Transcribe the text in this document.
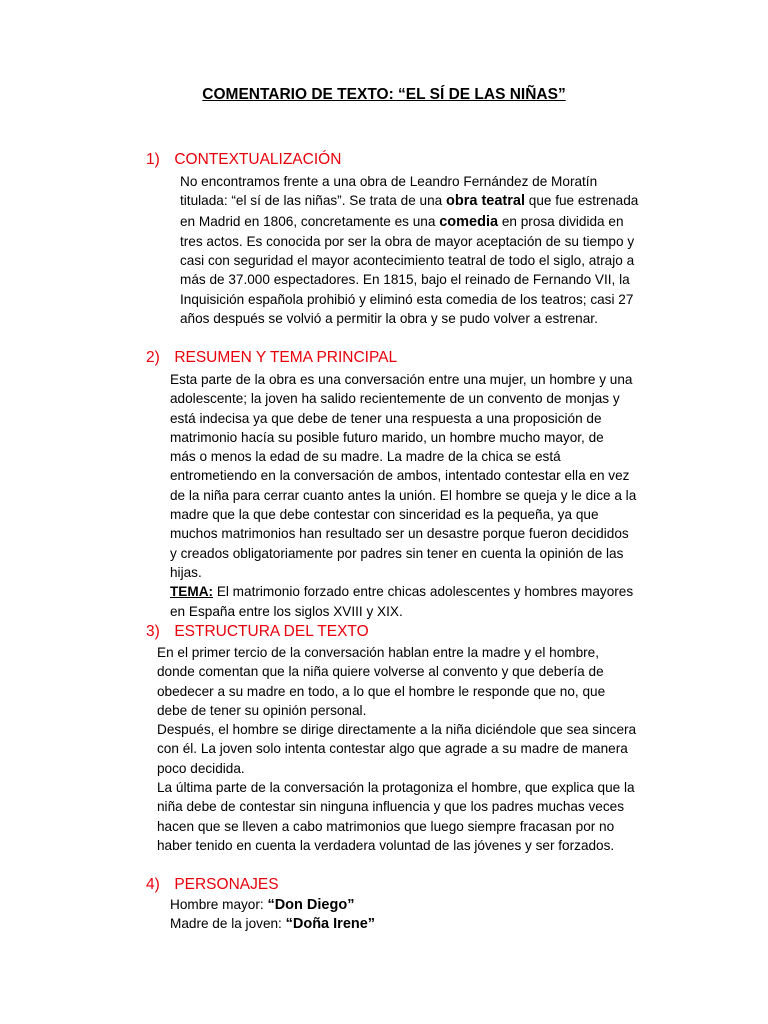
COMENTARIO DE TEXTO: “EL SÍ DE LAS NIÑAS”
1) CONTEXTUALIZACIÓN
No encontramos frente a una obra de Leandro Fernández de Moratín
titulada: “el sí de las niñas”. Se trata de una obra teatral que fue estrenada
en Madrid en 1806, concretamente es una comedia en prosa dividida en
tres actos. Es conocida por ser la obra de mayor aceptación de su tiempo y
casi con seguridad el mayor acontecimiento teatral de todo el siglo, atrajo a
más de 37.000 espectadores. En 1815, bajo el reinado de Fernando VII, la
Inquisición española prohibió y eliminó esta comedia de los teatros; casi 27
años después se volvió a permitir la obra y se pudo volver a estrenar.
2) RESUMEN Y TEMA PRINCIPAL
Esta parte de la obra es una conversación entre una mujer, un hombre y una
adolescente; la joven ha salido recientemente de un convento de monjas y
está indecisa ya que debe de tener una respuesta a una proposición de
matrimonio hacía su posible futuro marido, un hombre mucho mayor, de
más o menos la edad de su madre. La madre de la chica se está
entrometiendo en la conversación de ambos, intentado contestar ella en vez
de la niña para cerrar cuanto antes la unión. El hombre se queja y le dice a la
madre que la que debe contestar con sinceridad es la pequeña, ya que
muchos matrimonios han resultado ser un desastre porque fueron decididos
y creados obligatoriamente por padres sin tener en cuenta la opinión de las
hijas.
TEMA: El matrimonio forzado entre chicas adolescentes y hombres mayores
en España entre los siglos XVIII y XIX.
3) ESTRUCTURA DEL TEXTO
En el primer tercio de la conversación hablan entre la madre y el hombre,
donde comentan que la niña quiere volverse al convento y que debería de
obedecer a su madre en todo, a lo que el hombre le responde que no, que
debe de tener su opinión personal.
Después, el hombre se dirige directamente a la niña diciéndole que sea sincera
con él. La joven solo intenta contestar algo que agrade a su madre de manera
poco decidida.
La última parte de la conversación la protagoniza el hombre, que explica que la
niña debe de contestar sin ninguna influencia y que los padres muchas veces
hacen que se lleven a cabo matrimonios que luego siempre fracasan por no
haber tenido en cuenta la verdadera voluntad de las jóvenes y ser forzados.
4) PERSONAJES
Hombre mayor: “Don Diego”
Madre de la joven: “Doña Irene”
